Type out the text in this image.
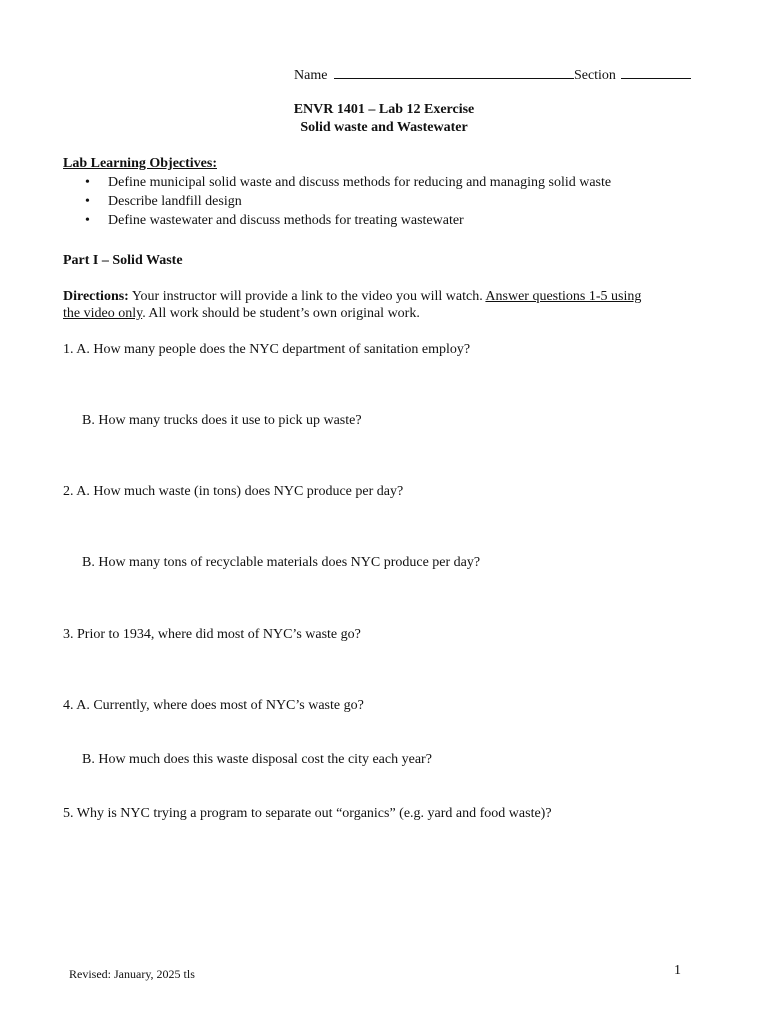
Name	Section
ENVR 1401 – Lab 12 Exercise
Solid waste and Wastewater
Lab Learning Objectives:
• Define municipal solid waste and discuss methods for reducing and managing solid waste
• Describe landfill design
• Define wastewater and discuss methods for treating wastewater
Part I – Solid Waste
Directions: Your instructor will provide a link to the video you will watch. Answer questions 1-5 using
the video only. All work should be student’s own original work.
1. A. How many people does the NYC department of sanitation employ?
B. How many trucks does it use to pick up waste?
2. A. How much waste (in tons) does NYC produce per day?
B. How many tons of recyclable materials does NYC produce per day?
3. Prior to 1934, where did most of NYC’s waste go?
4. A. Currently, where does most of NYC’s waste go?
B. How much does this waste disposal cost the city each year?
5. Why is NYC trying a program to separate out “organics” (e.g. yard and food waste)?
Revised: January, 2025 tls	1
